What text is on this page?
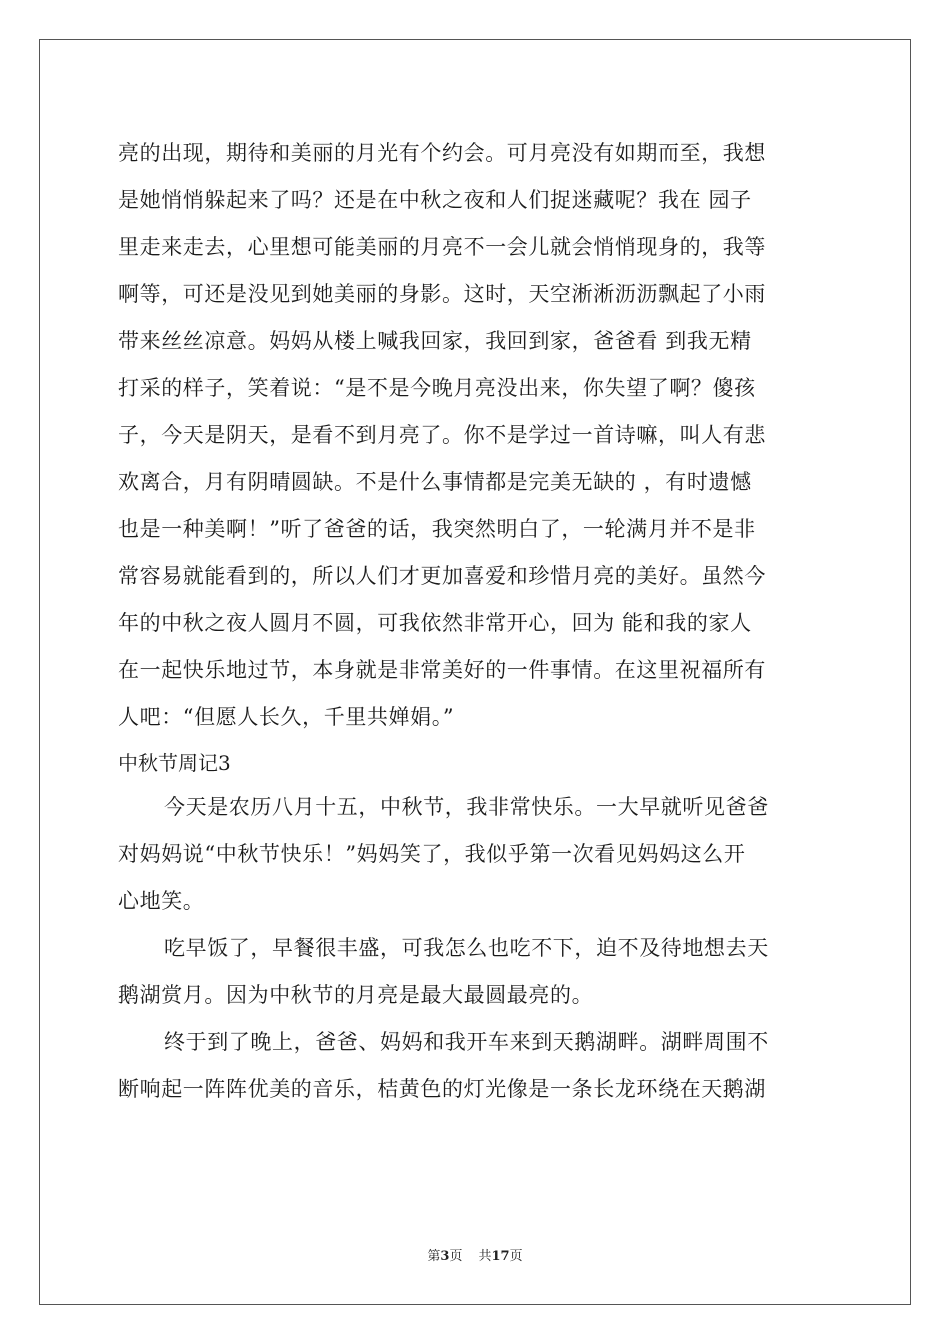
亮的出现，期待和美丽的月光有个约会。可月亮没有如期而至，我想
是她悄悄躲起来了吗？还是在中秋之夜和人们捉迷藏呢？我在 园子
里走来走去，心里想可能美丽的月亮不一会儿就会悄悄现身的，我等
啊等，可还是没见到她美丽的身影。这时，天空淅淅沥沥飘起了小雨
带来丝丝凉意。妈妈从楼上喊我回家，我回到家，爸爸看 到我无精
打采的样子，笑着说：“是不是今晚月亮没出来，你失望了啊？傻孩
子，今天是阴天，是看不到月亮了。你不是学过一首诗嘛，叫人有悲
欢离合，月有阴晴圆缺。不是什么事情都是完美无缺的 ，有时遗憾
也是一种美啊！”听了爸爸的话，我突然明白了，一轮满月并不是非
常容易就能看到的，所以人们才更加喜爱和珍惜月亮的美好。虽然今
年的中秋之夜人圆月不圆，可我依然非常开心，回为 能和我的家人
在一起快乐地过节，本身就是非常美好的一件事情。在这里祝福所有
人吧：“但愿人长久，千里共婵娟。”
中秋节周记3
今天是农历八月十五，中秋节，我非常快乐。一大早就听见爸爸
对妈妈说“中秋节快乐！”妈妈笑了，我似乎第一次看见妈妈这么开
心地笑。
吃早饭了，早餐很丰盛，可我怎么也吃不下，迫不及待地想去天
鹅湖赏月。因为中秋节的月亮是最大最圆最亮的。
终于到了晚上，爸爸、妈妈和我开车来到天鹅湖畔。湖畔周围不
断响起一阵阵优美的音乐，桔黄色的灯光像是一条长龙环绕在天鹅湖
第3页 共17页
